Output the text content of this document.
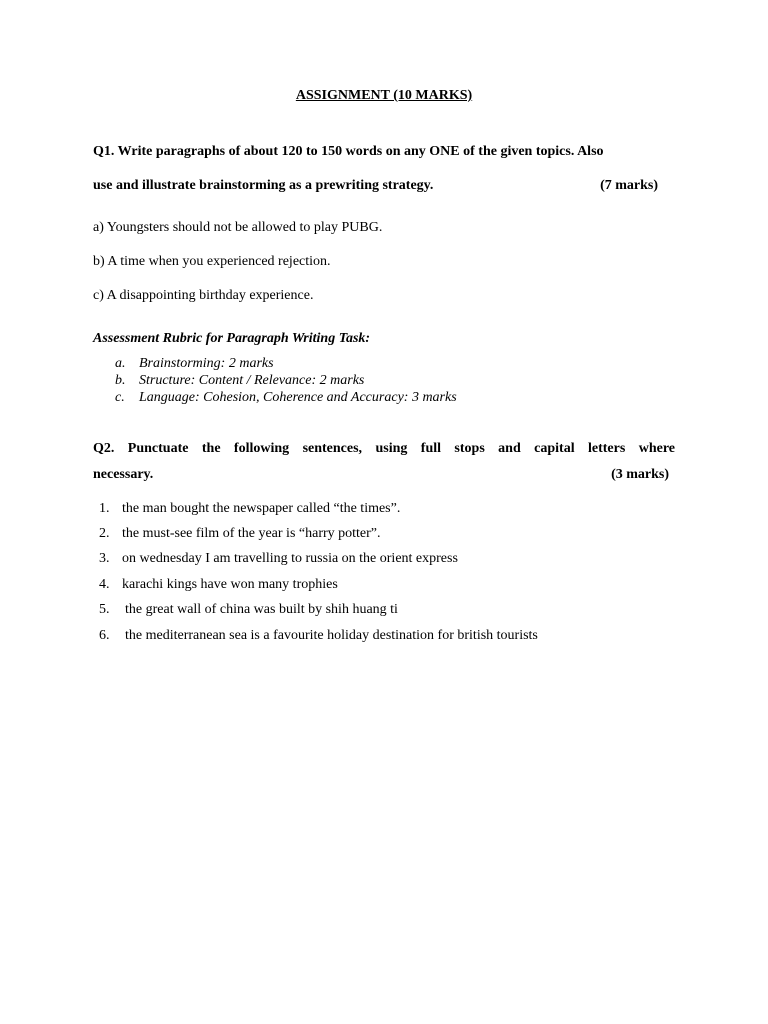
ASSIGNMENT (10 MARKS)
Q1. Write paragraphs of about 120 to 150 words on any ONE of the given topics. Also
use and illustrate brainstorming as a prewriting strategy.	(7 marks)
a) Youngsters should not be allowed to play PUBG.
b) A time when you experienced rejection.
c) A disappointing birthday experience.
Assessment Rubric for Paragraph Writing Task:
a. Brainstorming: 2 marks
b. Structure: Content / Relevance: 2 marks
c. Language: Cohesion, Coherence and Accuracy: 3 marks
Q2. Punctuate the following sentences, using full stops and capital letters where
necessary.	(3 marks)
1. the man bought the newspaper called “the times”.
2. the must-see film of the year is “harry potter”.
3. on wednesday I am travelling to russia on the orient express
4. karachi kings have won many trophies
5. the great wall of china was built by shih huang ti
6. the mediterranean sea is a favourite holiday destination for british tourists
